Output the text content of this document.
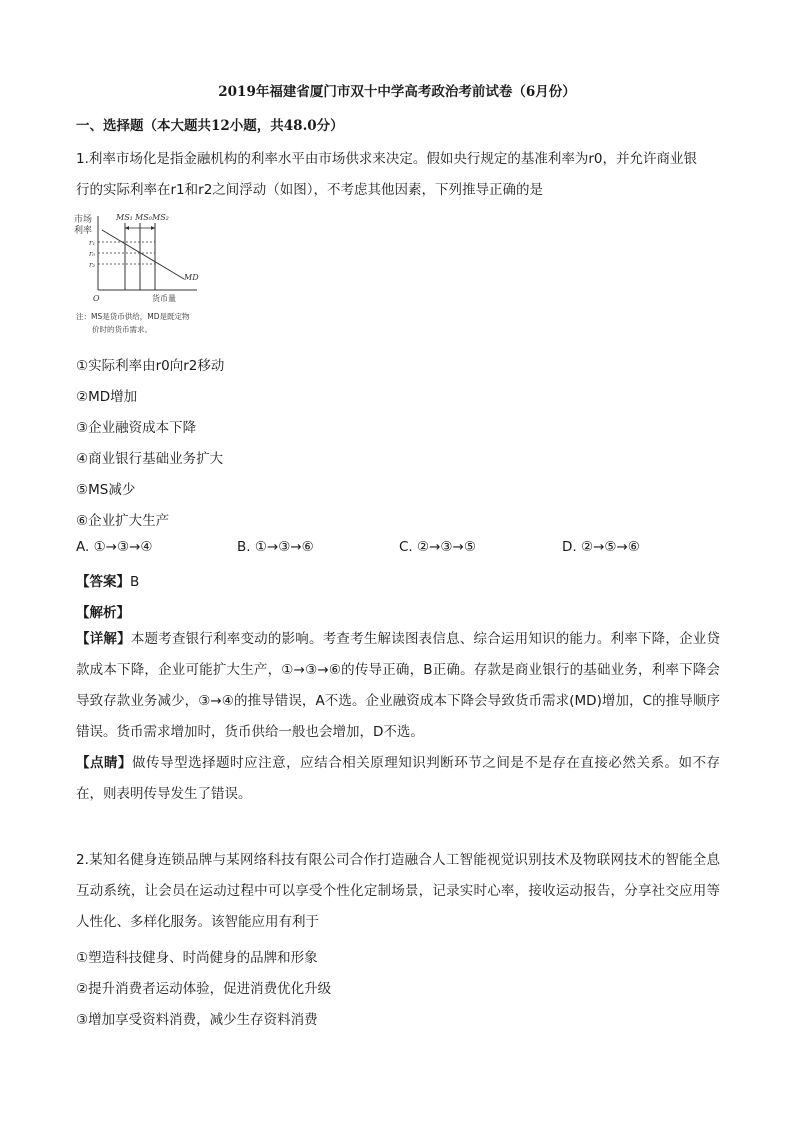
2019年福建省厦门市双十中学高考政治考前试卷（6月份）
一、选择题（本大题共12小题，共48.0分）
1.利率市场化是指金融机构的利率水平由市场供求来决定。假如央行规定的基准利率为r0，并允许商业银
行的实际利率在r1和r2之间浮动（如图），不考虑其他因素，下列推导正确的是
市场
利率
MS₁ MS₀ MS₂
r₁
r₀
r₂
MD
O	货币量
注：MS是货币供给，MD是既定物
价时的货币需求。
①实际利率由r0向r2移动
②MD增加
③企业融资成本下降
④商业银行基础业务扩大
⑤MS减少
⑥企业扩大生产
A. ①→③→④	B. ①→③→⑥	C. ②→③→⑤	D. ②→⑤→⑥
【答案】B
【解析】
【详解】本题考查银行利率变动的影响。考查考生解读图表信息、综合运用知识的能力。利率下降，企业贷款成本下降，企业可能扩大生产，①→③→⑥的传导正确，B正确。存款是商业银行的基础业务，利率下降会导致存款业务减少，③→④的推导错误，A不选。企业融资成本下降会导致货币需求(MD)增加，C的推导顺序错误。货币需求增加时，货币供给一般也会增加，D不选。
【点睛】做传导型选择题时应注意，应结合相关原理知识判断环节之间是不是存在直接必然关系。如不存在，则表明传导发生了错误。
2.某知名健身连锁品牌与某网络科技有限公司合作打造融合人工智能视觉识别技术及物联网技术的智能全息互动系统，让会员在运动过程中可以享受个性化定制场景，记录实时心率，接收运动报告，分享社交应用等人性化、多样化服务。该智能应用有利于
①塑造科技健身、时尚健身的品牌和形象
②提升消费者运动体验，促进消费优化升级
③增加享受资料消费，减少生存资料消费
